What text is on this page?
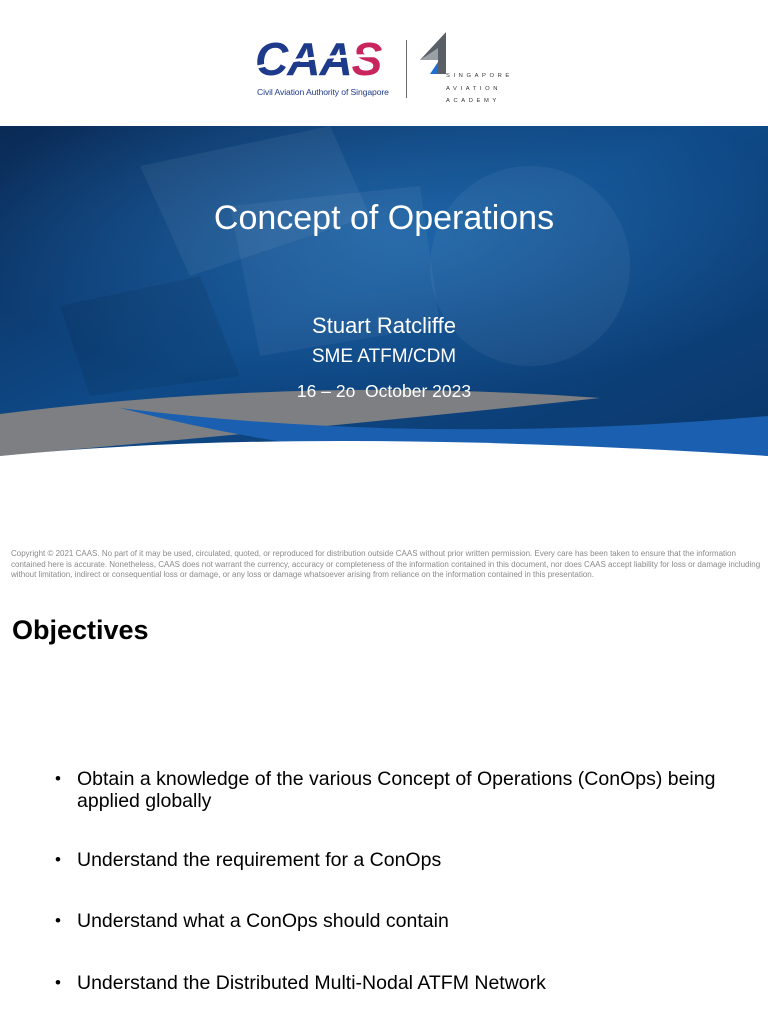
CAAS
Civil Aviation Authority of Singapore
SINGAPORE
AVIATION
ACADEMY
Concept of Operations
Stuart Ratcliffe
SME ATFM/CDM
16 – 2o  October 2023
Copyright © 2021 CAAS. No part of it may be used, circulated, quoted, or reproduced for distribution outside CAAS without prior written permission. Every care has been taken to ensure that the information contained here is accurate. Nonetheless, CAAS does not warrant the currency, accuracy or completeness of the information contained in this document, nor does CAAS accept liability for loss or damage including without limitation, indirect or consequential loss or damage, or any loss or damage whatsoever arising from reliance on the information contained in this presentation.
Objectives
• Obtain a knowledge of the various Concept of Operations (ConOps) being applied globally
• Understand the requirement for a ConOps
• Understand what a ConOps should contain
• Understand the Distributed Multi-Nodal ATFM Network
